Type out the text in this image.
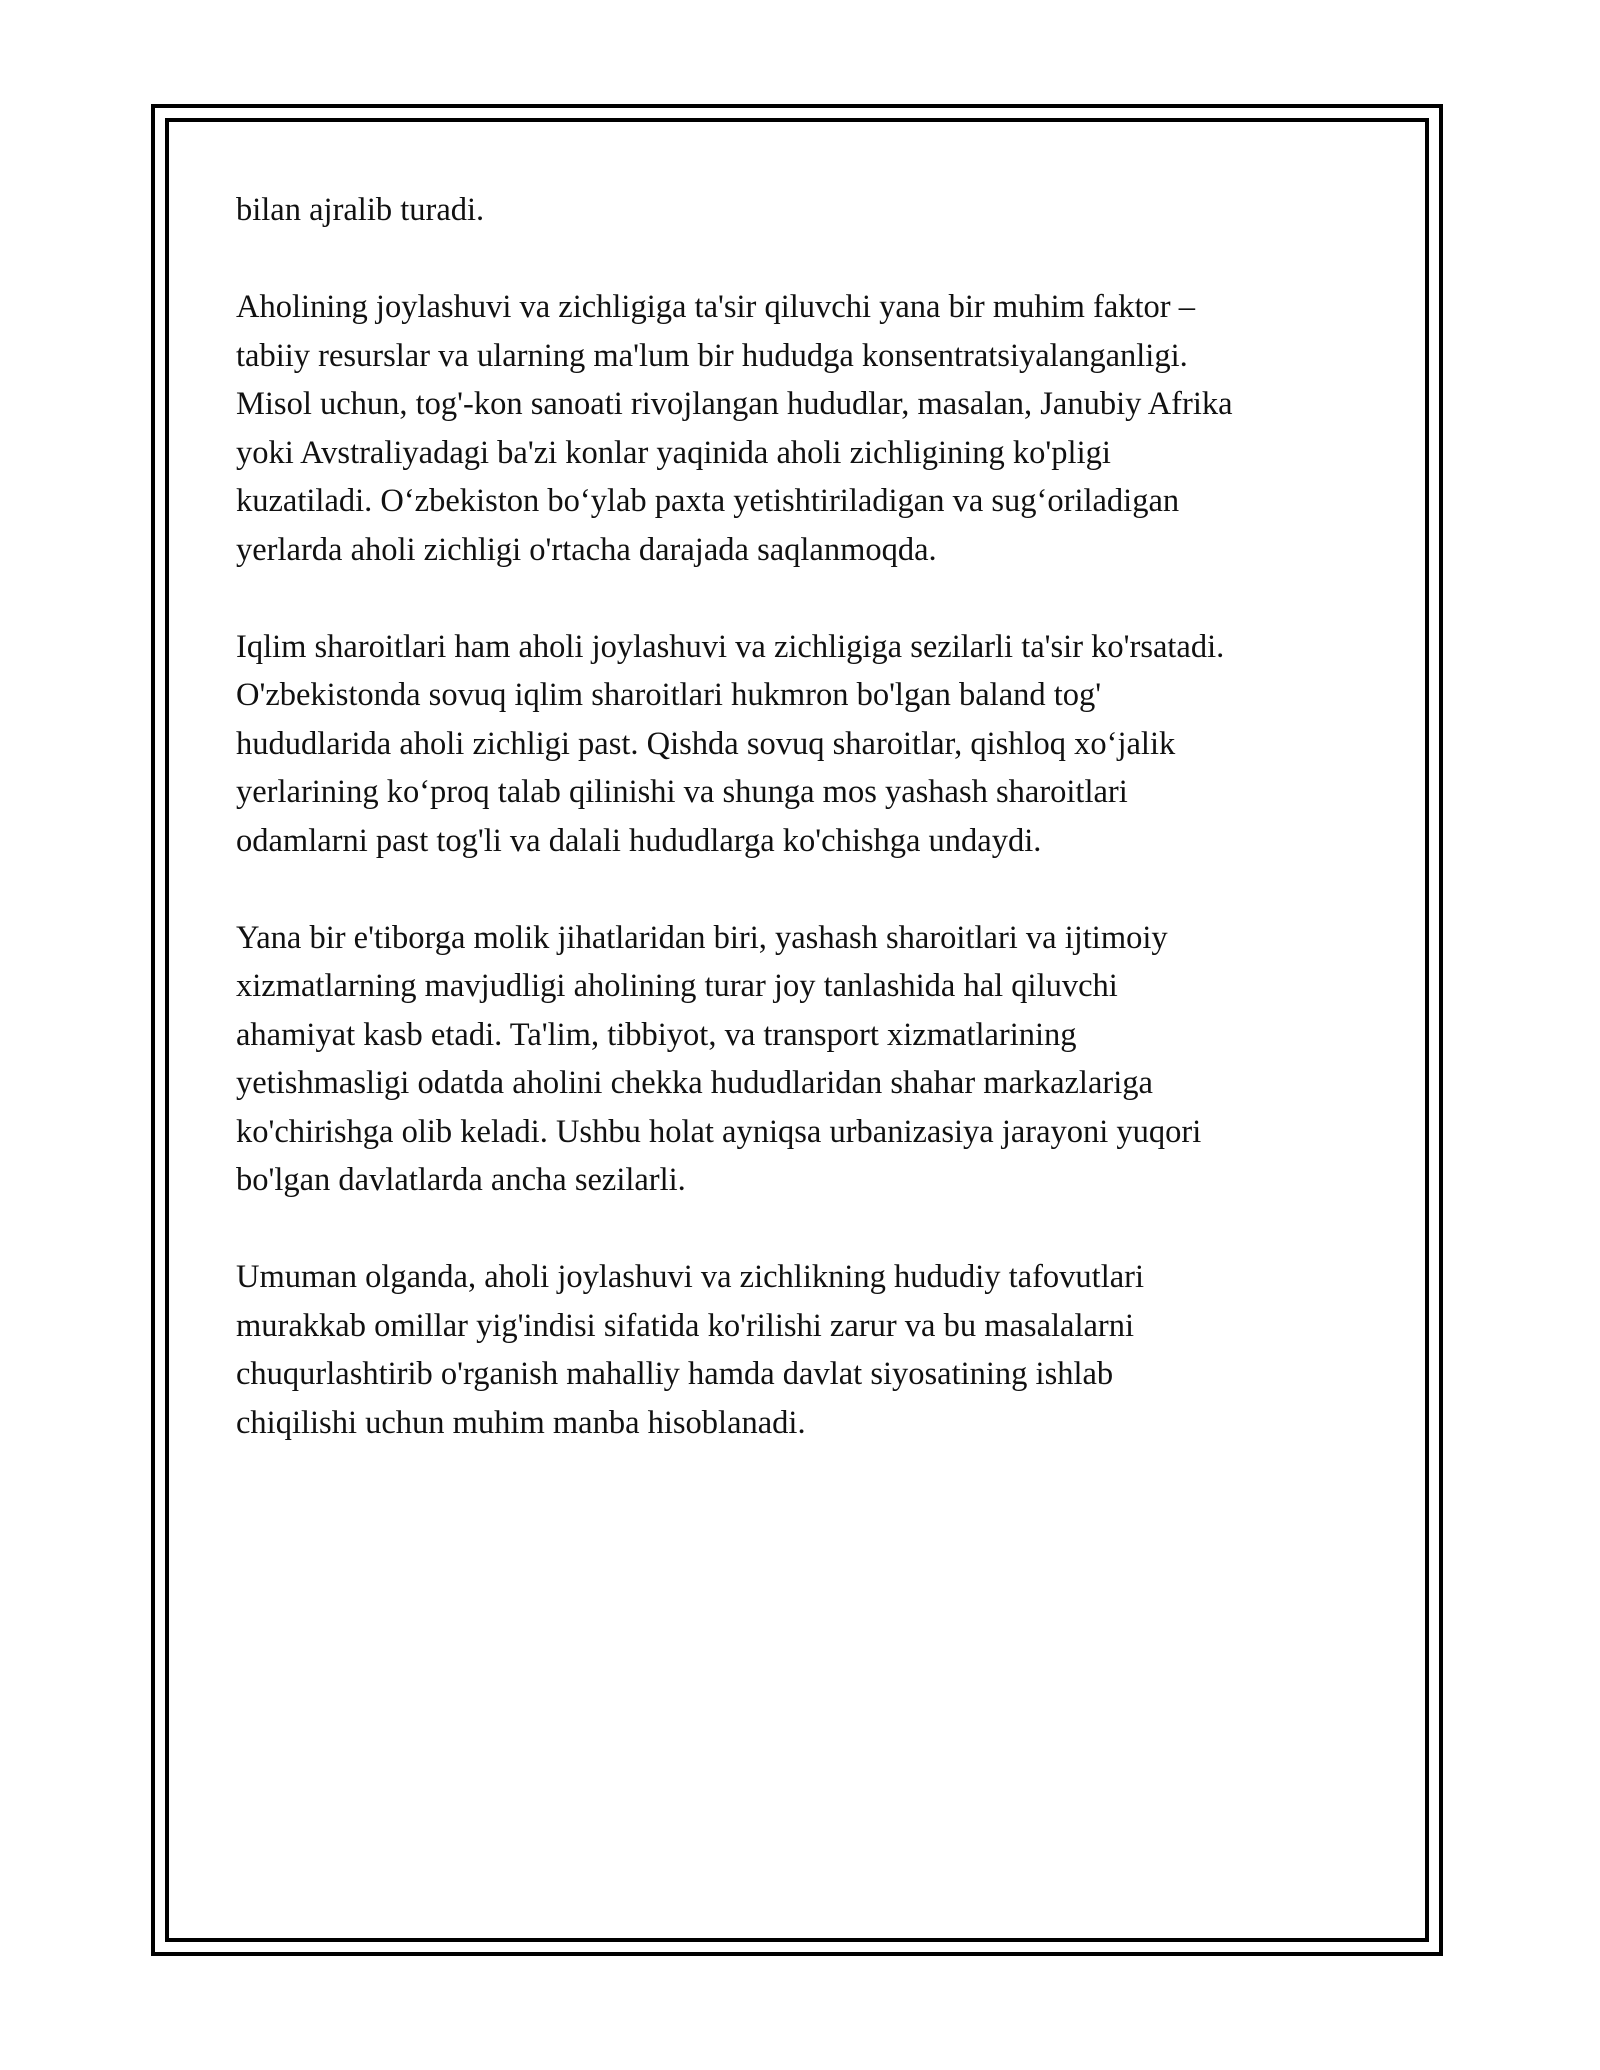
bilan ajralib turadi.

Aholining joylashuvi va zichligiga ta'sir qiluvchi yana bir muhim faktor –
tabiiy resurslar va ularning ma'lum bir hududga konsentratsiyalanganligi.
Misol uchun, tog'-kon sanoati rivojlangan hududlar, masalan, Janubiy Afrika
yoki Avstraliyadagi ba'zi konlar yaqinida aholi zichligining ko'pligi
kuzatiladi. O‘zbekiston bo‘ylab paxta yetishtiriladigan va sug‘oriladigan
yerlarda aholi zichligi o'rtacha darajada saqlanmoqda.

Iqlim sharoitlari ham aholi joylashuvi va zichligiga sezilarli ta'sir ko'rsatadi.
O'zbekistonda sovuq iqlim sharoitlari hukmron bo'lgan baland tog'
hududlarida aholi zichligi past. Qishda sovuq sharoitlar, qishloq xo‘jalik
yerlarining ko‘proq talab qilinishi va shunga mos yashash sharoitlari
odamlarni past tog'li va dalali hududlarga ko'chishga undaydi.

Yana bir e'tiborga molik jihatlaridan biri, yashash sharoitlari va ijtimoiy
xizmatlarning mavjudligi aholining turar joy tanlashida hal qiluvchi
ahamiyat kasb etadi. Ta'lim, tibbiyot, va transport xizmatlarining
yetishmasligi odatda aholini chekka hududlaridan shahar markazlariga
ko'chirishga olib keladi. Ushbu holat ayniqsa urbanizasiya jarayoni yuqori
bo'lgan davlatlarda ancha sezilarli.

Umuman olganda, aholi joylashuvi va zichlikning hududiy tafovutlari
murakkab omillar yig'indisi sifatida ko'rilishi zarur va bu masalalarni
chuqurlashtirib o'rganish mahalliy hamda davlat siyosatining ishlab
chiqilishi uchun muhim manba hisoblanadi.
